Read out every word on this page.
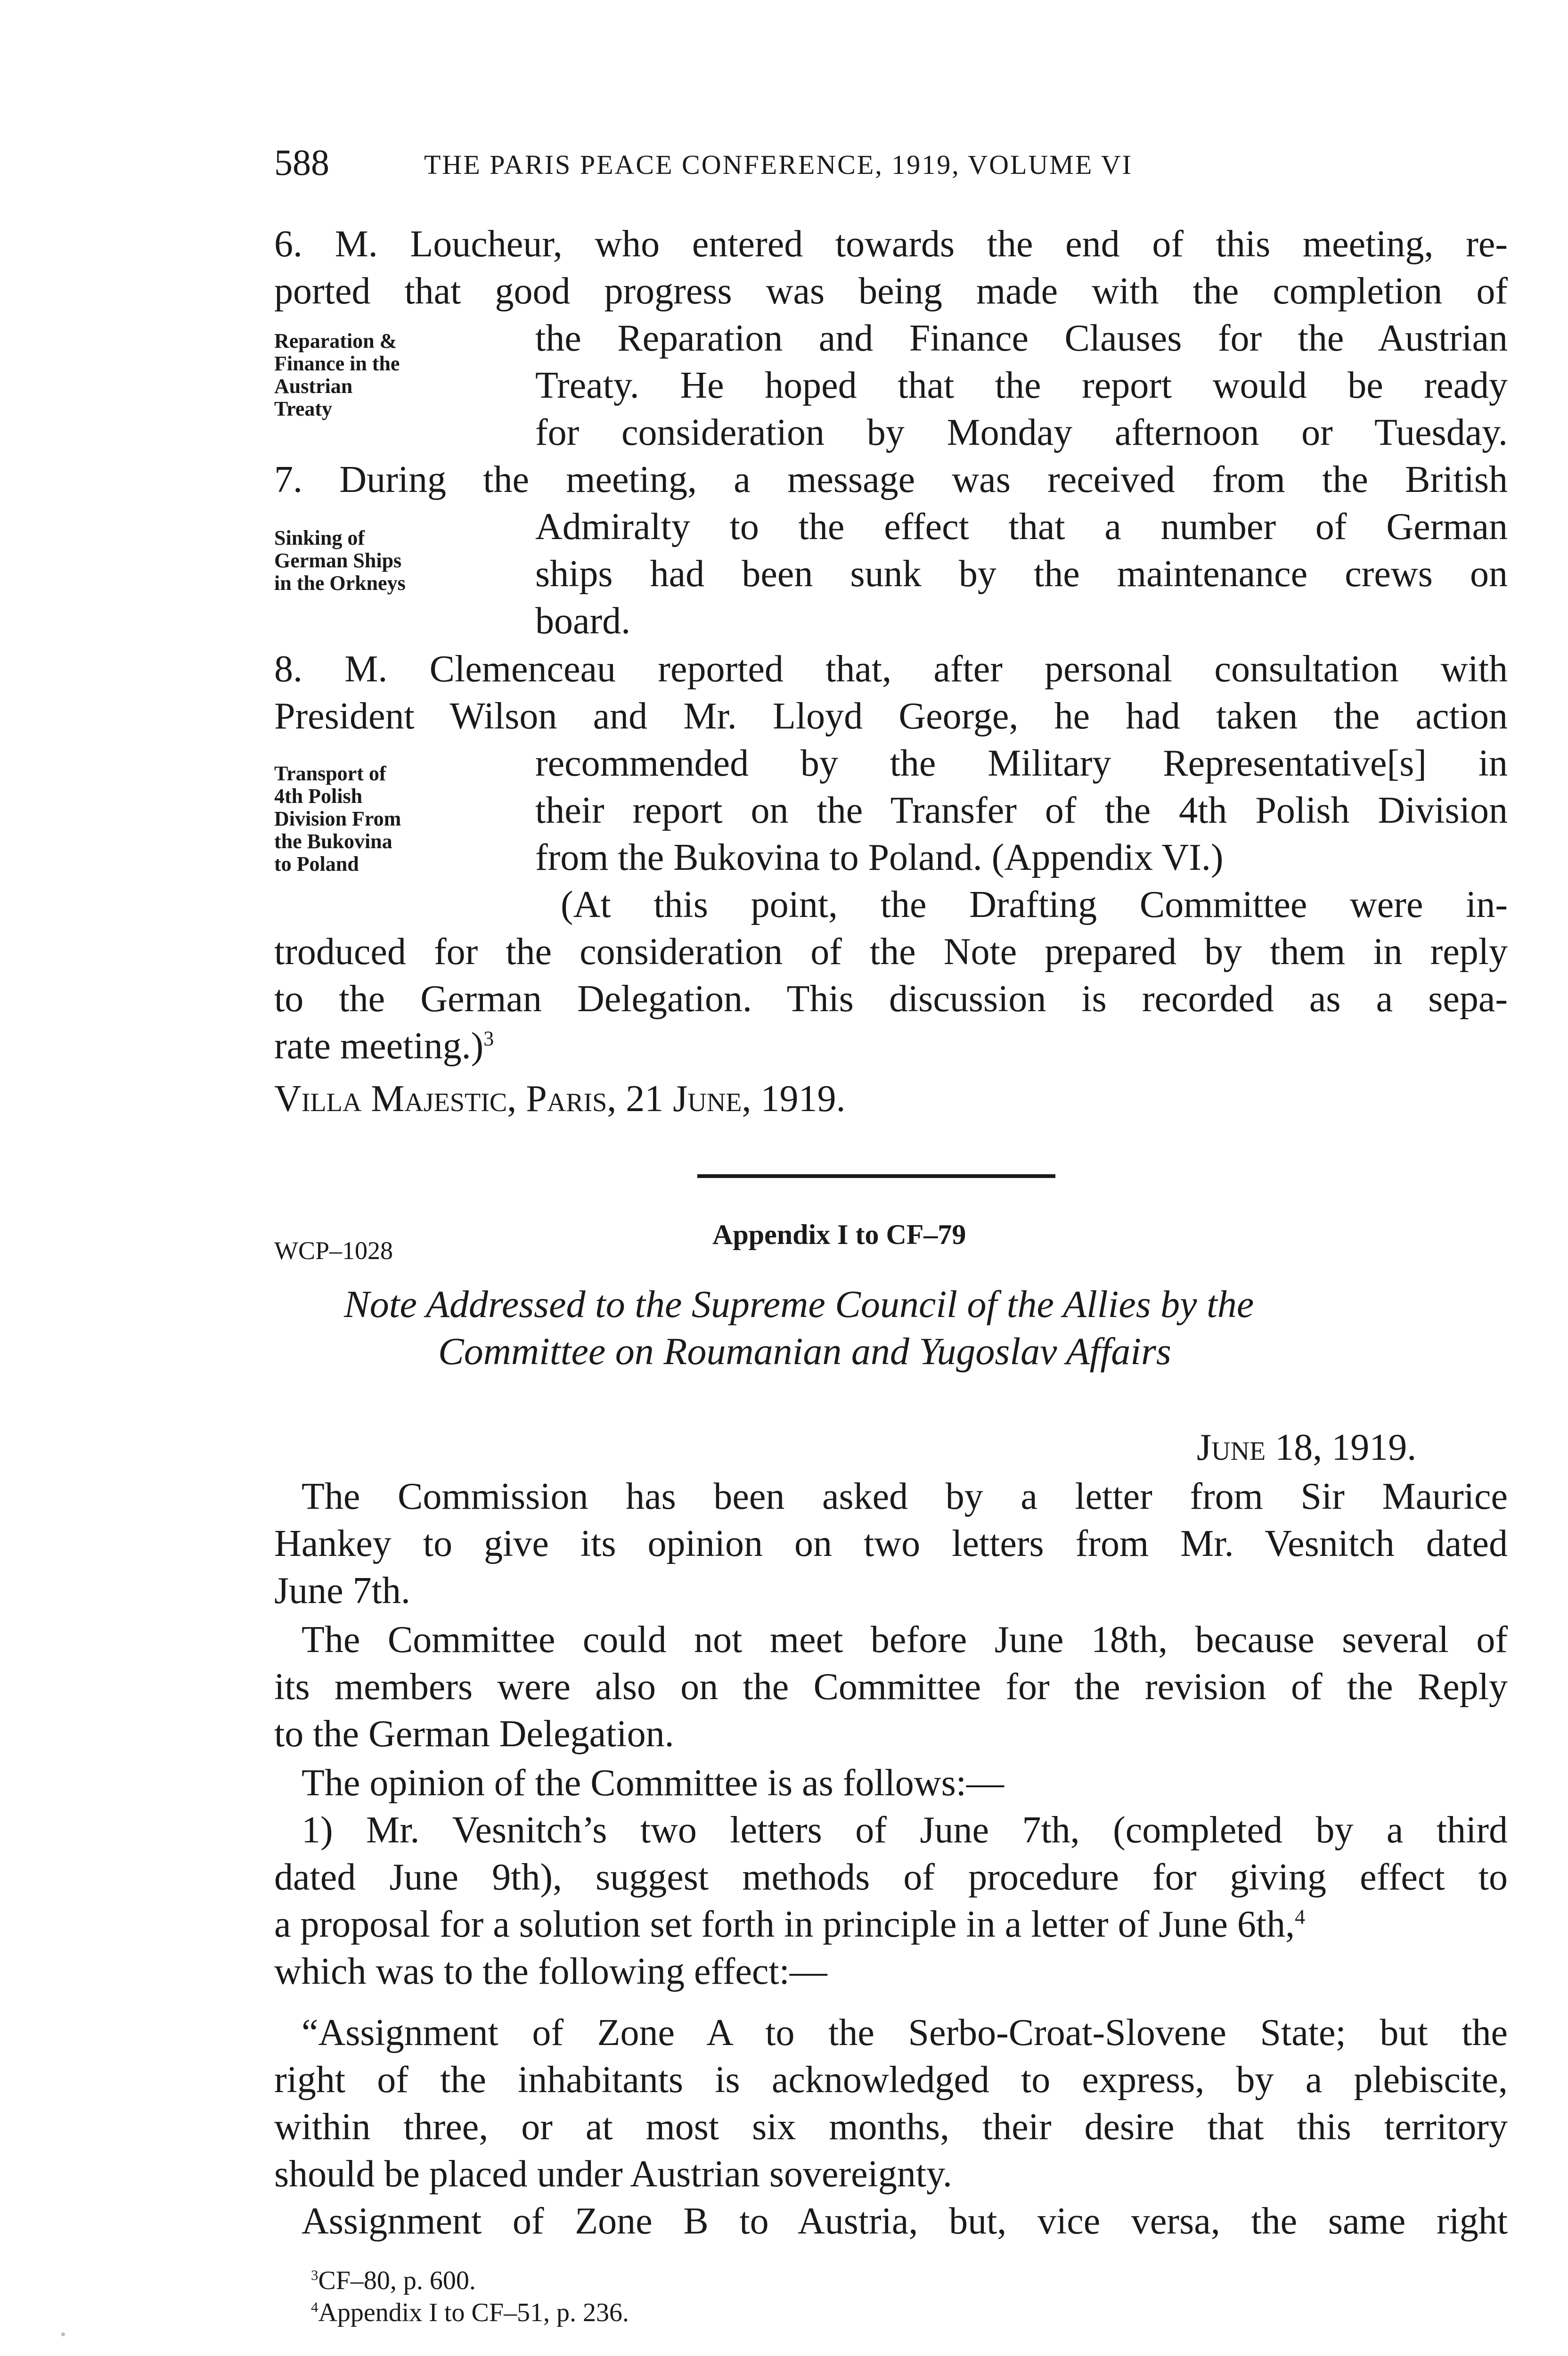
588	THE PARIS PEACE CONFERENCE, 1919, VOLUME VI
6. M. Loucheur, who entered towards the end of this meeting, re-
ported that good progress was being made with the completion of
the Reparation and Finance Clauses for the Austrian
Treaty. He hoped that the report would be ready
for consideration by Monday afternoon or Tuesday.
Reparation &
Finance in the
Austrian
Treaty
7. During the meeting, a message was received from the British
Admiralty to the effect that a number of German
ships had been sunk by the maintenance crews on
board.
Sinking of
German Ships
in the Orkneys
8. M. Clemenceau reported that, after personal consultation with
President Wilson and Mr. Lloyd George, he had taken the action
recommended by the Military Representative[s] in
their report on the Transfer of the 4th Polish Division
from the Bukovina to Poland. (Appendix VI.)
(At this point, the Drafting Committee were in-
troduced for the consideration of the Note prepared by them in reply
to the German Delegation. This discussion is recorded as a sepa-
rate meeting.)$^3$
Transport of
4th Polish
Division From
the Bukovina
to Poland
Villa Majestic, Paris, 21 June, 1919.
Appendix I to CF–79
WCP–1028
Note Addressed to the Supreme Council of the Allies by the
Committee on Roumanian and Yugoslav Affairs
June 18, 1919.
The Commission has been asked by a letter from Sir Maurice
Hankey to give its opinion on two letters from Mr. Vesnitch dated
June 7th.
The Committee could not meet before June 18th, because several of
its members were also on the Committee for the revision of the Reply
to the German Delegation.
The opinion of the Committee is as follows:—
1) Mr. Vesnitch’s two letters of June 7th, (completed by a third
dated June 9th), suggest methods of procedure for giving effect to
a proposal for a solution set forth in principle in a letter of June 6th,$^4$
which was to the following effect:—
“Assignment of Zone A to the Serbo-Croat-Slovene State; but the
right of the inhabitants is acknowledged to express, by a plebiscite,
within three, or at most six months, their desire that this territory
should be placed under Austrian sovereignty.
Assignment of Zone B to Austria, but, vice versa, the same right
$^3$CF–80, p. 600.
$^4$Appendix I to CF–51, p. 236.
